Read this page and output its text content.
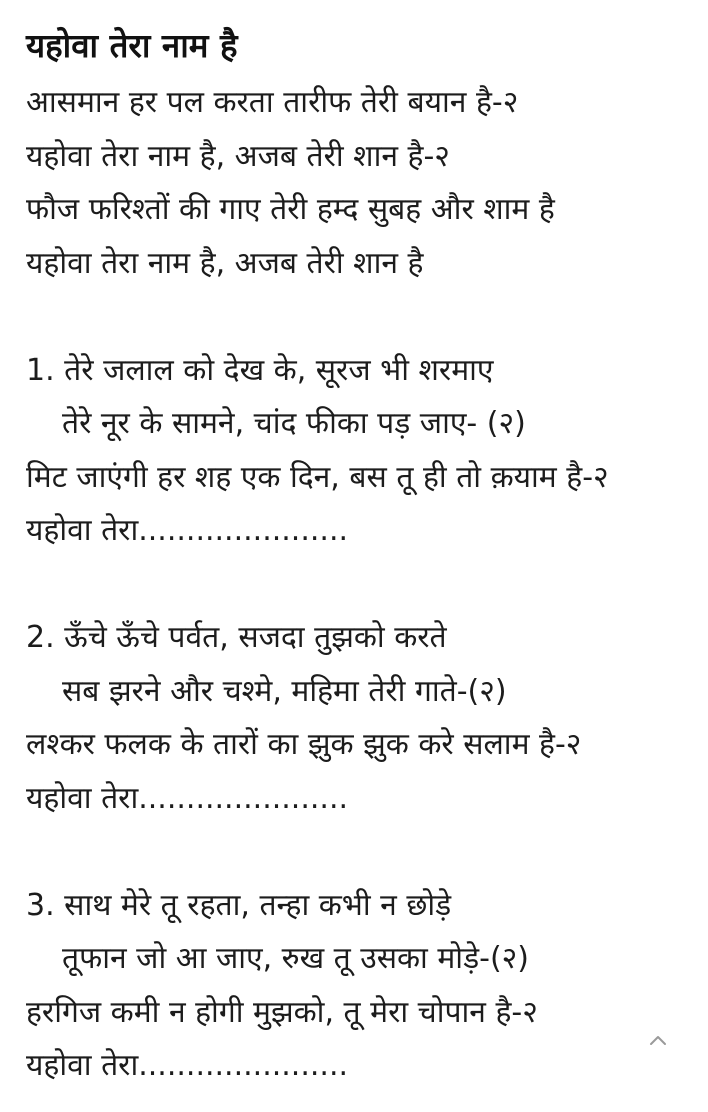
यहोवा तेरा नाम है
आसमान हर पल करता तारीफ तेरी बयान है-२
यहोवा तेरा नाम है, अजब तेरी शान है-२
फौज फरिश्तों की गाए तेरी हम्द सुबह और शाम है
यहोवा तेरा नाम है, अजब तेरी शान है
1. तेरे जलाल को देख के, सूरज भी शरमाए
तेरे नूर के सामने, चांद फीका पड़ जाए- (२)
मिट जाएंगी हर शह एक दिन, बस तू ही तो क़याम है-२
यहोवा तेरा......................
2. ऊँचे ऊँचे पर्वत, सजदा तुझको करते
सब झरने और चश्मे, महिमा तेरी गाते-(२)
लश्कर फलक के तारों का झुक झुक करे सलाम है-२
यहोवा तेरा......................
3. साथ मेरे तू रहता, तन्हा कभी न छोड़े
तूफान जो आ जाए, रुख तू उसका मोड़े-(२)
हरगिज कमी न होगी मुझको, तू मेरा चोपान है-२
यहोवा तेरा......................
